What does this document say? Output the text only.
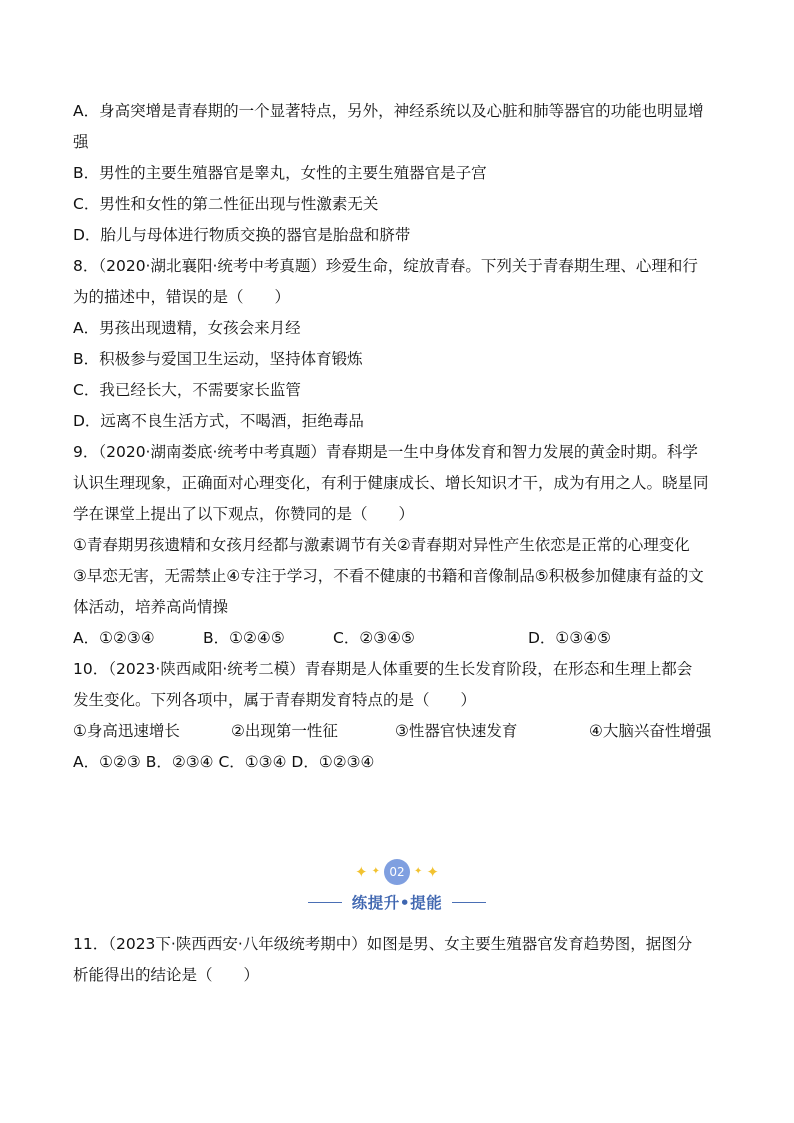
A．身高突增是青春期的一个显著特点，另外，神经系统以及心脏和肺等器官的功能也明显增
强
B．男性的主要生殖器官是睾丸，女性的主要生殖器官是子宫
C．男性和女性的第二性征出现与性激素无关
D．胎儿与母体进行物质交换的器官是胎盘和脐带
8．（2020·湖北襄阳·统考中考真题）珍爱生命，绽放青春。下列关于青春期生理、心理和行
为的描述中，错误的是（　　）
A．男孩出现遗精，女孩会来月经
B．积极参与爱国卫生运动，坚持体育锻炼
C．我已经长大，不需要家长监管
D．远离不良生活方式，不喝酒，拒绝毒品
9．（2020·湖南娄底·统考中考真题）青春期是一生中身体发育和智力发展的黄金时期。科学
认识生理现象，正确面对心理变化，有利于健康成长、增长知识才干，成为有用之人。晓星同
学在课堂上提出了以下观点，你赞同的是（　　）
①青春期男孩遗精和女孩月经都与激素调节有关②青春期对异性产生依恋是正常的心理变化
③早恋无害，无需禁止④专注于学习，不看不健康的书籍和音像制品⑤积极参加健康有益的文
体活动，培养高尚情操
A．①②③④	B．①②④⑤	C．②③④⑤	D．①③④⑤
10．（2023·陕西咸阳·统考二模）青春期是人体重要的生长发育阶段，在形态和生理上都会
发生变化。下列各项中，属于青春期发育特点的是（　　）
①身高迅速增长	②出现第一性征	③性器官快速发育	④大脑兴奋性增强
A．①②③ B．②③④ C．①③④ D．①②③④
✦ ✦ 02 ✦ ✦
练提升•提能
11．（2023下·陕西西安·八年级统考期中）如图是男、女主要生殖器官发育趋势图，据图分
析能得出的结论是（　　）
